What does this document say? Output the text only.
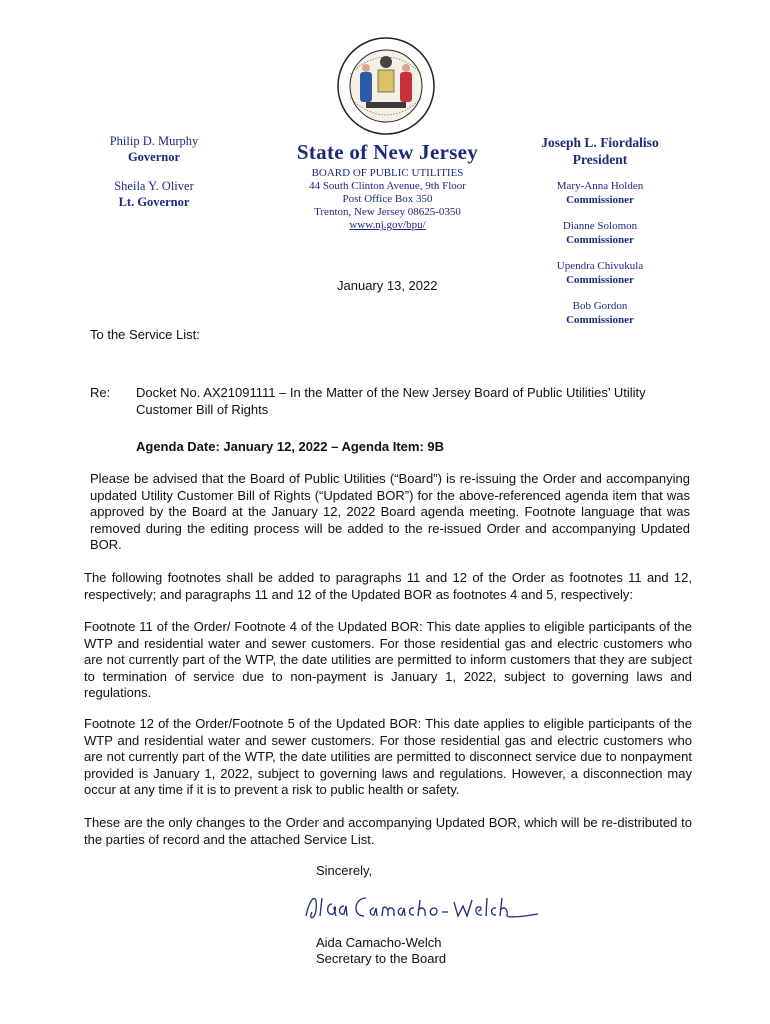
Philip D. Murphy
Governor
Sheila Y. Oliver
Lt. Governor
State of New Jersey
BOARD OF PUBLIC UTILITIES
44 South Clinton Avenue, 9th Floor
Post Office Box 350
Trenton, New Jersey 08625-0350
www.nj.gov/bpu/
Joseph L. Fiordaliso
President
Mary-Anna Holden
Commissioner
Dianne Solomon
Commissioner
Upendra Chivukula
Commissioner
Bob Gordon
Commissioner
January 13, 2022
To the Service List:
Re: Docket No. AX21091111 – In the Matter of the New Jersey Board of Public Utilities’ Utility Customer Bill of Rights
Agenda Date: January 12, 2022 – Agenda Item: 9B
Please be advised that the Board of Public Utilities (“Board”) is re-issuing the Order and accompanying updated Utility Customer Bill of Rights (“Updated BOR”) for the above-referenced agenda item that was approved by the Board at the January 12, 2022 Board agenda meeting. Footnote language that was removed during the editing process will be added to the re-issued Order and accompanying Updated BOR.
The following footnotes shall be added to paragraphs 11 and 12 of the Order as footnotes 11 and 12, respectively; and paragraphs 11 and 12 of the Updated BOR as footnotes 4 and 5, respectively:
Footnote 11 of the Order/ Footnote 4 of the Updated BOR: This date applies to eligible participants of the WTP and residential water and sewer customers. For those residential gas and electric customers who are not currently part of the WTP, the date utilities are permitted to inform customers that they are subject to termination of service due to non-payment is January 1, 2022, subject to governing laws and regulations.
Footnote 12 of the Order/Footnote 5 of the Updated BOR: This date applies to eligible participants of the WTP and residential water and sewer customers. For those residential gas and electric customers who are not currently part of the WTP, the date utilities are permitted to disconnect service due to nonpayment provided is January 1, 2022, subject to governing laws and regulations. However, a disconnection may occur at any time if it is to prevent a risk to public health or safety.
These are the only changes to the Order and accompanying Updated BOR, which will be re-distributed to the parties of record and the attached Service List.
Sincerely,
Aida Camacho-Welch
Secretary to the Board
